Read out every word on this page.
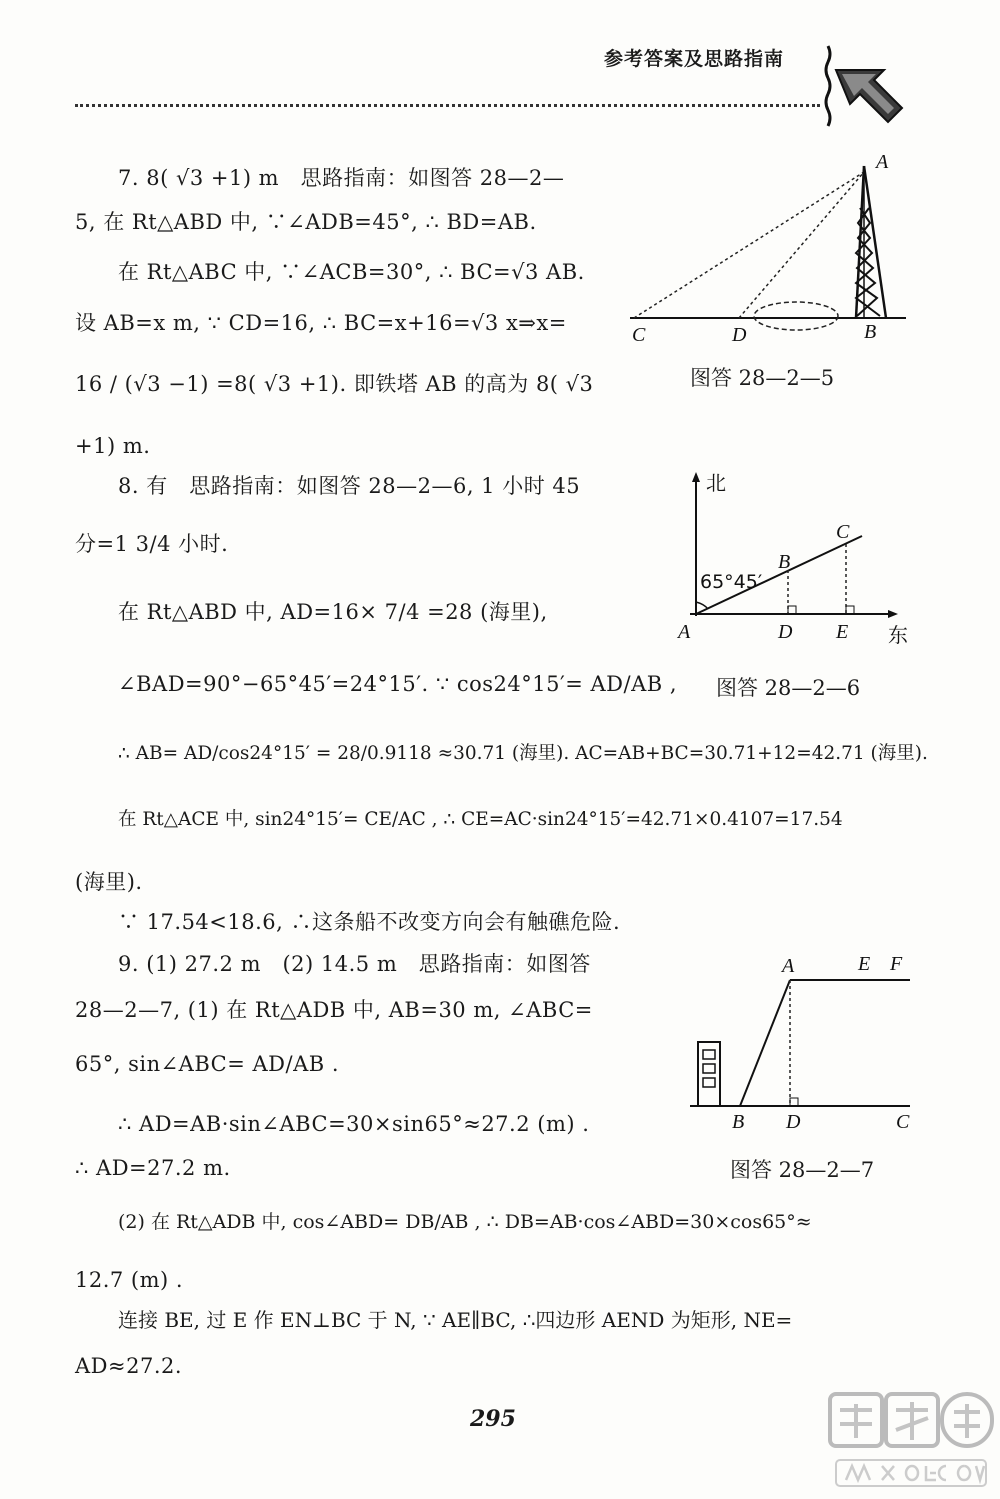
参考答案及思路指南
7. 8( √3 +1) m　思路指南：如图答 28—2—
5, 在 Rt△ABD 中, ∵∠ADB=45°, ∴ BD=AB.
在 Rt△ABC 中, ∵∠ACB=30°, ∴ BC=√3 AB.
设 AB=x m, ∵ CD=16, ∴ BC=x+16=√3 x⇒x=
16 / (√3 −1) =8( √3 +1). 即铁塔 AB 的高为 8( √3
+1) m.
8. 有　思路指南：如图答 28—2—6, 1 小时 45
分=1 3/4 小时.
在 Rt△ABD 中, AD=16× 7/4 =28 (海里),
∠BAD=90°−65°45′=24°15′. ∵ cos24°15′= AD/AB ,
∴ AB= AD/cos24°15′ = 28/0.9118 ≈30.71 (海里). AC=AB+BC=30.71+12=42.71 (海里).
在 Rt△ACE 中, sin24°15′= CE/AC , ∴ CE=AC·sin24°15′=42.71×0.4107=17.54
(海里).
∵ 17.54<18.6, ∴这条船不改变方向会有触礁危险.
9. (1) 27.2 m　(2) 14.5 m　思路指南：如图答
28—2—7, (1) 在 Rt△ADB 中, AB=30 m, ∠ABC=
65°, sin∠ABC= AD/AB .
∴ AD=AB·sin∠ABC=30×sin65°≈27.2 (m) .
∴ AD=27.2 m.
(2) 在 Rt△ADB 中, cos∠ABD= DB/AB , ∴ DB=AB·cos∠ABD=30×cos65°≈
12.7 (m) .
连接 BE, 过 E 作 EN⊥BC 于 N, ∵ AE∥BC, ∴四边形 AEND 为矩形, NE=
AD≈27.2.
A
C	D	B
图答 28—2—5
北
东
65°45′
B
C
A	D E
图答 28—2—6
A	E F
B D	C
图答 28—2—7
295
